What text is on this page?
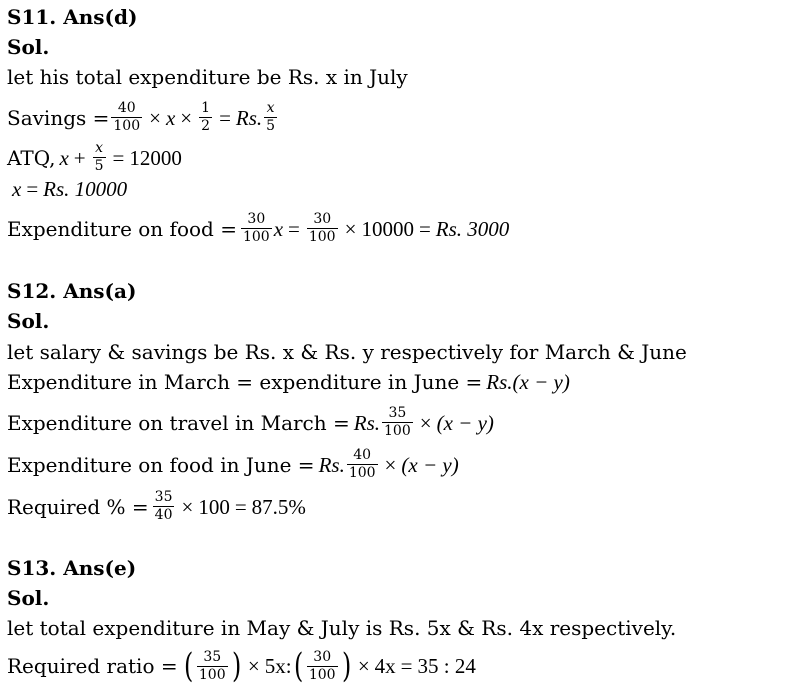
S11. Ans(d)
Sol.
let his total expenditure be Rs. x in July
Savings = $\frac{40}{100} \times x \times \frac{1}{2} = Rs$. $\frac{x}{5}$
ATQ, $x + \frac{x}{5} = 12000$
x = Rs. 10000
Expenditure on food = $\frac{30}{100}$ $x = \frac{30}{100} \times 10000 = Rs$. 3000
S12. Ans(a)
Sol.
let salary & savings be Rs. x & Rs. y respectively for March & June
Expenditure in March = expenditure in June = Rs. (x − y)
Expenditure on travel in March = Rs. $\frac{35}{100} \times (x - y)$
Expenditure on food in June = Rs. $\frac{40}{100} \times (x - y)$
Required % = $\frac{35}{40} \times 100 = 87.5\%$
S13. Ans(e)
Sol.
let total expenditure in May & July is Rs. 5x & Rs. 4x respectively.
Required ratio = ( $\frac{35}{100}$ ) × 5x : ( $\frac{30}{100}$ ) × 4x = 35 : 24
